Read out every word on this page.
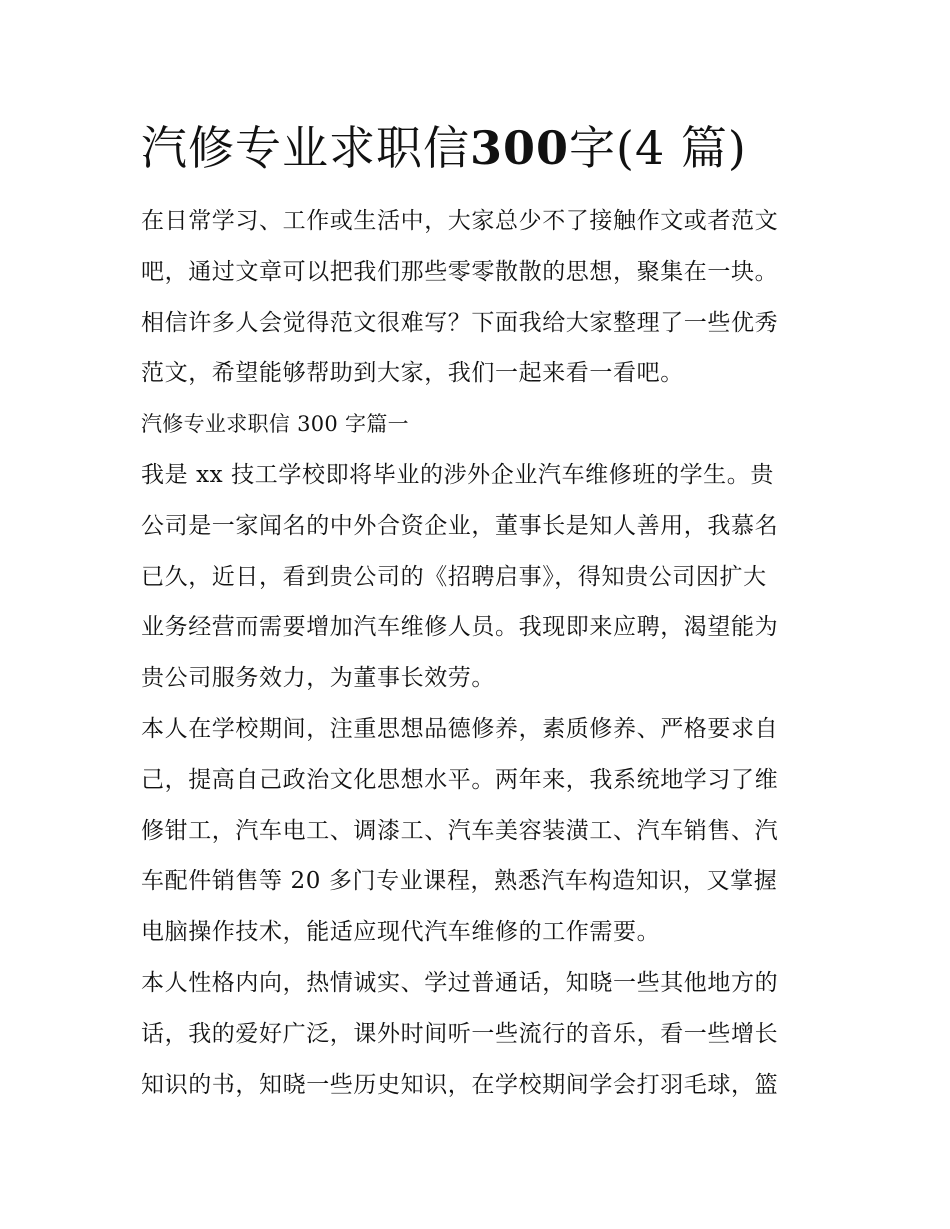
汽修专业求职信300字(4 篇)

在日常学习、工作或生活中，大家总少不了接触作文或者范文

吧，通过文章可以把我们那些零零散散的思想，聚集在一块。

相信许多人会觉得范文很难写？下面我给大家整理了一些优秀

范文，希望能够帮助到大家，我们一起来看一看吧。

汽修专业求职信 300 字篇一

我是 xx 技工学校即将毕业的涉外企业汽车维修班的学生。贵

公司是一家闻名的中外合资企业，董事长是知人善用，我慕名

已久，近日，看到贵公司的《招聘启事》，得知贵公司因扩大

业务经营而需要增加汽车维修人员。我现即来应聘，渴望能为

贵公司服务效力，为董事长效劳。

本人在学校期间，注重思想品德修养，素质修养、严格要求自

己，提高自己政治文化思想水平。两年来，我系统地学习了维

修钳工，汽车电工、调漆工、汽车美容装潢工、汽车销售、汽

车配件销售等 20 多门专业课程，熟悉汽车构造知识，又掌握

电脑操作技术，能适应现代汽车维修的工作需要。

本人性格内向，热情诚实、学过普通话，知晓一些其他地方的

话，我的爱好广泛，课外时间听一些流行的音乐，看一些增长

知识的书，知晓一些历史知识，在学校期间学会打羽毛球，篮
